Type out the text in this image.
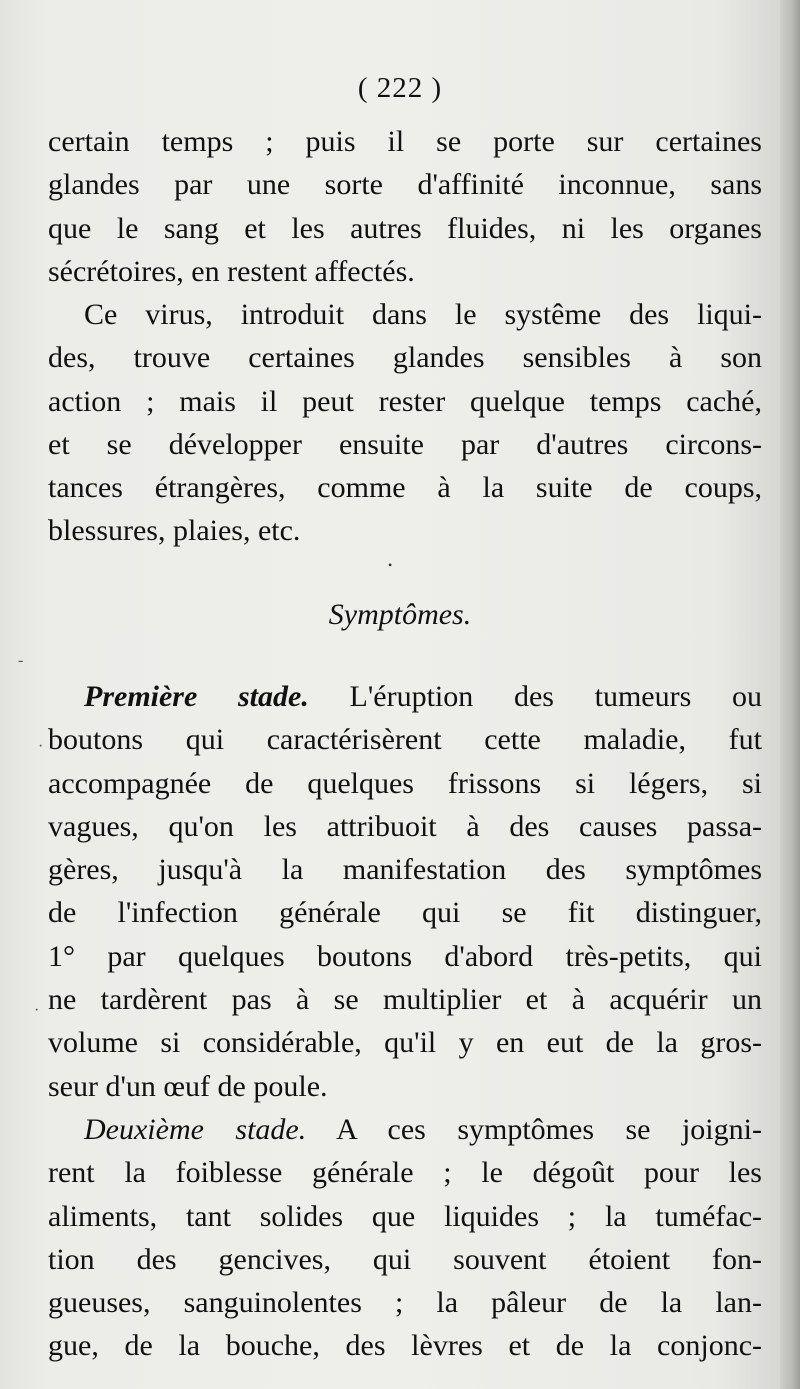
( 222 )
certain temps ; puis il se porte sur certaines
glandes par une sorte d'affinité inconnue, sans
que le sang et les autres fluides, ni les organes
sécrétoires, en restent affectés.
Ce virus, introduit dans le systême des liqui-
des, trouve certaines glandes sensibles à son
action ; mais il peut rester quelque temps caché,
et se développer ensuite par d'autres circons-
tances étrangères, comme à la suite de coups,
blessures, plaies, etc.
•
Symptômes.
Première stade. L'éruption des tumeurs ou
boutons qui caractérisèrent cette maladie, fut
accompagnée de quelques frissons si légers, si
vagues, qu'on les attribuoit à des causes passa-
gères, jusqu'à la manifestation des symptômes
de l'infection générale qui se fit distinguer,
1° par quelques boutons d'abord très-petits, qui
ne tardèrent pas à se multiplier et à acquérir un
volume si considérable, qu'il y en eut de la gros-
seur d'un œuf de poule.
Deuxième stade. A ces symptômes se joigni-
rent la foiblesse générale ; le dégoût pour les
aliments, tant solides que liquides ; la tuméfac-
tion des gencives, qui souvent étoient fon-
gueuses, sanguinolentes ; la pâleur de la lan-
gue, de la bouche, des lèvres et de la conjonc-
-
·
·
